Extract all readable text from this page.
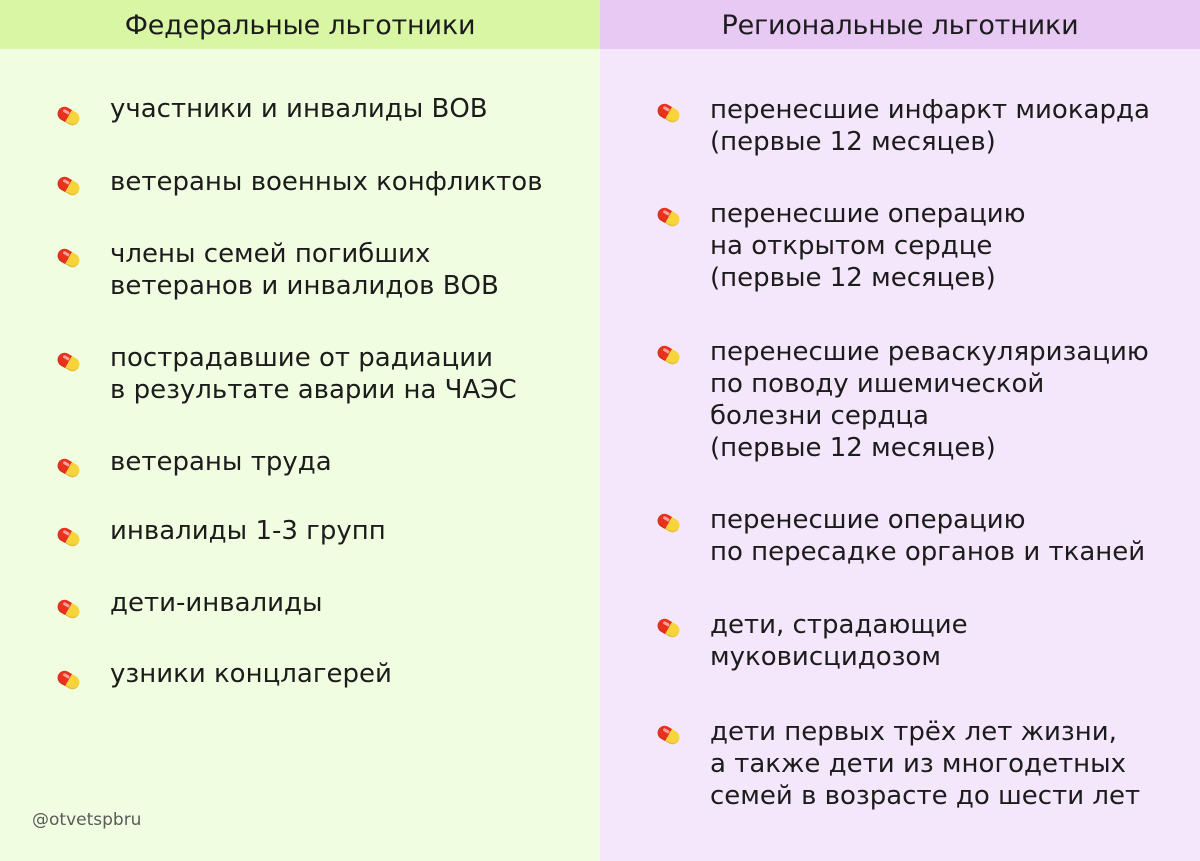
Федеральные льготники
участники и инвалиды ВОВ
ветераны военных конфликтов
члены семей погибших
ветеранов и инвалидов ВОВ
пострадавшие от радиации
в результате аварии на ЧАЭС
ветераны труда
инвалиды 1-3 групп
дети-инвалиды
узники концлагерей
@otvetspbru
Региональные льготники
перенесшие инфаркт миокарда
(первые 12 месяцев)
перенесшие операцию
на открытом сердце
(первые 12 месяцев)
перенесшие реваскуляризацию
по поводу ишемической
болезни сердца
(первые 12 месяцев)
перенесшие операцию
по пересадке органов и тканей
дети, страдающие
муковисцидозом
дети первых трёх лет жизни,
а также дети из многодетных
семей в возрасте до шести лет
